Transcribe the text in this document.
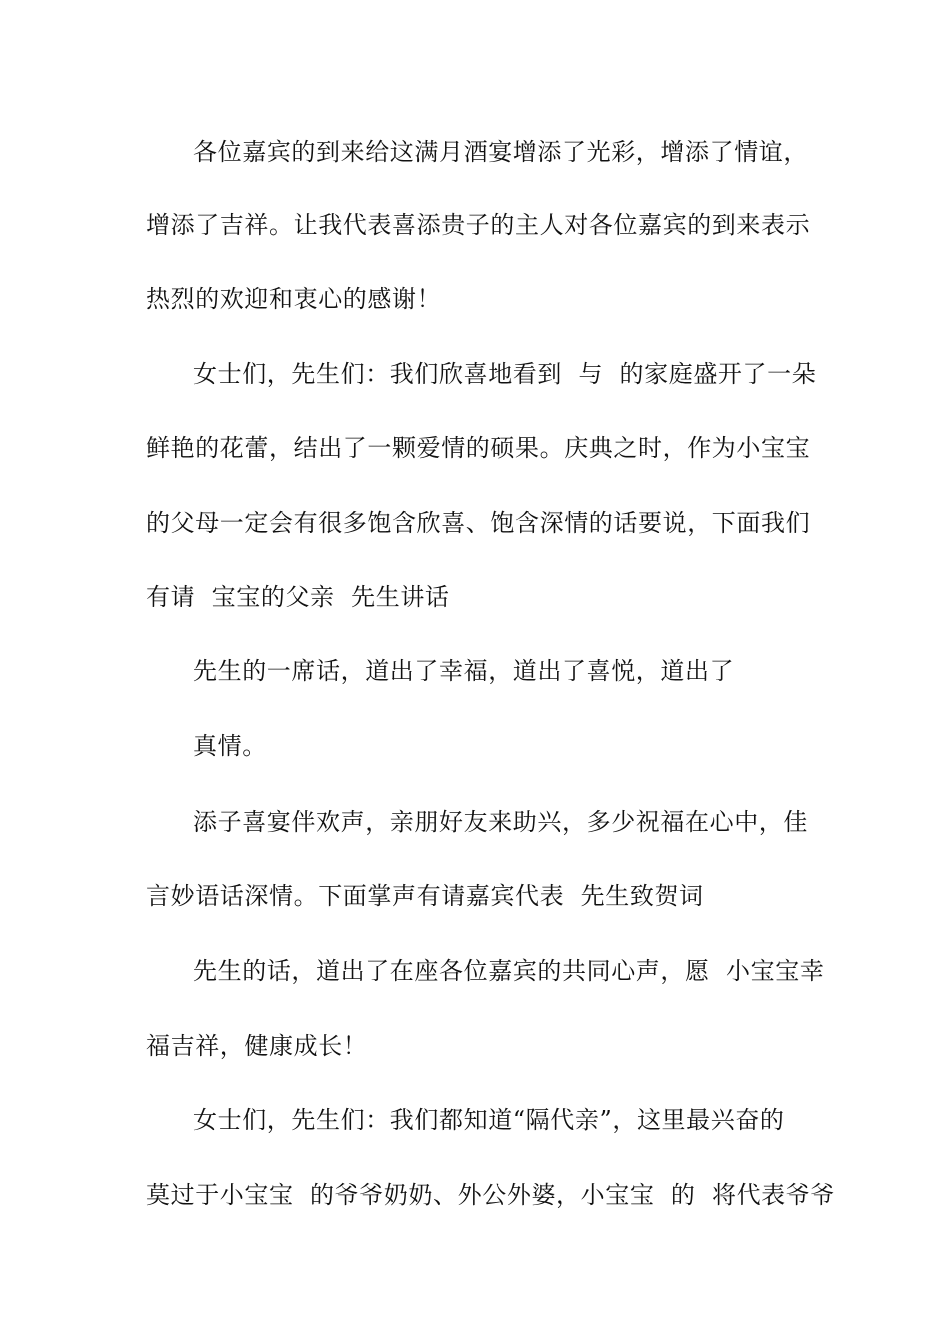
各位嘉宾的到来给这满月酒宴增添了光彩，增添了情谊，
增添了吉祥。让我代表喜添贵子的主人对各位嘉宾的到来表示
热烈的欢迎和衷心的感谢！
女士们，先生们：我们欣喜地看到  与  的家庭盛开了一朵
鲜艳的花蕾，结出了一颗爱情的硕果。庆典之时，作为小宝宝
的父母一定会有很多饱含欣喜、饱含深情的话要说，下面我们
有请  宝宝的父亲  先生讲话
先生的一席话，道出了幸福，道出了喜悦，道出了
真情。
添子喜宴伴欢声，亲朋好友来助兴，多少祝福在心中，佳
言妙语话深情。下面掌声有请嘉宾代表  先生致贺词
先生的话，道出了在座各位嘉宾的共同心声，愿  小宝宝幸
福吉祥，健康成长！
女士们，先生们：我们都知道“隔代亲”，这里最兴奋的
莫过于小宝宝  的爷爷奶奶、外公外婆，小宝宝  的  将代表爷爷
